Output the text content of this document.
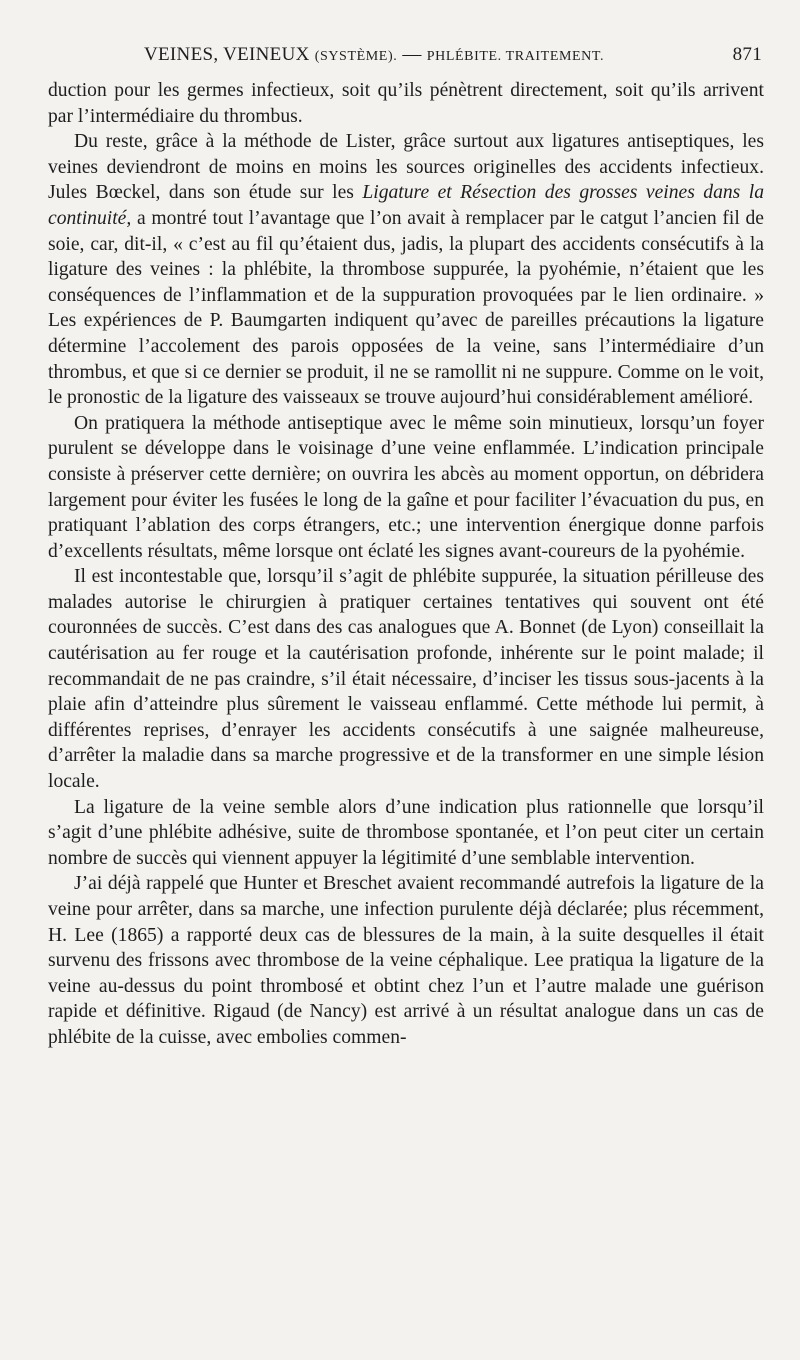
VEINES, VEINEUX (SYSTÈME). — PHLÉBITE. TRAITEMENT.	871

duction pour les germes infectieux, soit qu’ils pénètrent directement, soit qu’ils arrivent par l’intermédiaire du thrombus.

Du reste, grâce à la méthode de Lister, grâce surtout aux ligatures antiseptiques, les veines deviendront de moins en moins les sources originelles des accidents infectieux. Jules Bœckel, dans son étude sur les Ligature et Résection des grosses veines dans la continuité, a montré tout l’avantage que l’on avait à remplacer par le catgut l’ancien fil de soie, car, dit-il, « c’est au fil qu’étaient dus, jadis, la plupart des accidents consécutifs à la ligature des veines : la phlébite, la thrombose suppurée, la pyohémie, n’étaient que les conséquences de l’inflammation et de la suppuration provoquées par le lien ordinaire. » Les expériences de P. Baumgarten indiquent qu’avec de pareilles précautions la ligature détermine l’accolement des parois opposées de la veine, sans l’intermédiaire d’un thrombus, et que si ce dernier se produit, il ne se ramollit ni ne suppure. Comme on le voit, le pronostic de la ligature des vaisseaux se trouve aujourd’hui considérablement amélioré.

On pratiquera la méthode antiseptique avec le même soin minutieux, lorsqu’un foyer purulent se développe dans le voisinage d’une veine enflammée. L’indication principale consiste à préserver cette dernière; on ouvrira les abcès au moment opportun, on débridera largement pour éviter les fusées le long de la gaîne et pour faciliter l’évacuation du pus, en pratiquant l’ablation des corps étrangers, etc.; une intervention énergique donne parfois d’excellents résultats, même lorsque ont éclaté les signes avant-coureurs de la pyohémie.

Il est incontestable que, lorsqu’il s’agit de phlébite suppurée, la situation périlleuse des malades autorise le chirurgien à pratiquer certaines tentatives qui souvent ont été couronnées de succès. C’est dans des cas analogues que A. Bonnet (de Lyon) conseillait la cautérisation au fer rouge et la cautérisation profonde, inhérente sur le point malade; il recommandait de ne pas craindre, s’il était nécessaire, d’inciser les tissus sous-jacents à la plaie afin d’atteindre plus sûrement le vaisseau enflammé. Cette méthode lui permit, à différentes reprises, d’enrayer les accidents consécutifs à une saignée malheureuse, d’arrêter la maladie dans sa marche progressive et de la transformer en une simple lésion locale.

La ligature de la veine semble alors d’une indication plus rationnelle que lorsqu’il s’agit d’une phlébite adhésive, suite de thrombose spontanée, et l’on peut citer un certain nombre de succès qui viennent appuyer la légitimité d’une semblable intervention.

J’ai déjà rappelé que Hunter et Breschet avaient recommandé autrefois la ligature de la veine pour arrêter, dans sa marche, une infection purulente déjà déclarée; plus récemment, H. Lee (1865) a rapporté deux cas de blessures de la main, à la suite desquelles il était survenu des frissons avec thrombose de la veine céphalique. Lee pratiqua la ligature de la veine au-dessus du point thrombosé et obtint chez l’un et l’autre malade une guérison rapide et définitive. Rigaud (de Nancy) est arrivé à un résultat analogue dans un cas de phlébite de la cuisse, avec embolies commen-
